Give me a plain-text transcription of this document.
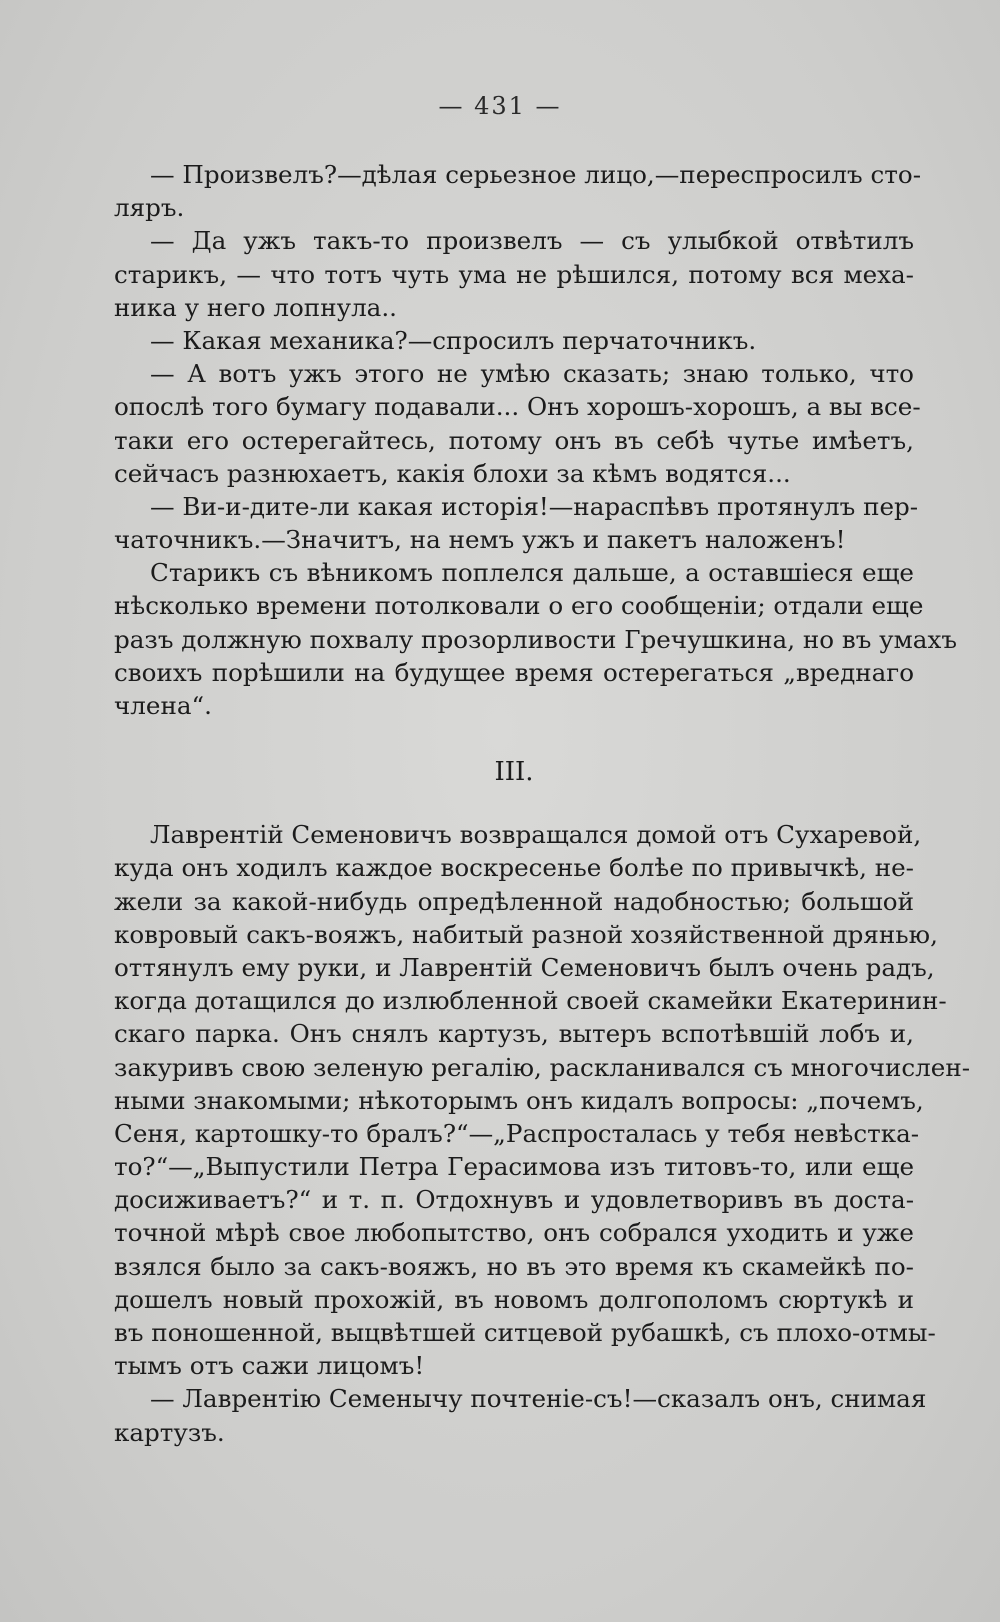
— 431 —
— Произвелъ?—дѣлая серьезное лицо,—переспросилъ сто-
ляръ.
— Да ужъ такъ-то произвелъ — съ улыбкой отвѣтилъ
старикъ, — что тотъ чуть ума не рѣшился, потому вся меха-
ника у него лопнула..
— Какая механика?—спросилъ перчаточникъ.
— А вотъ ужъ этого не умѣю сказать; знаю только, что
опослѣ того бумагу подавали... Онъ хорошъ-хорошъ, а вы все-
таки его остерегайтесь, потому онъ въ себѣ чутье имѣетъ,
сейчасъ разнюхаетъ, какія блохи за кѣмъ водятся...
— Ви-и-дите-ли какая исторія!—нараспѣвъ протянулъ пер-
чаточникъ.—Значитъ, на немъ ужъ и пакетъ наложенъ!
Старикъ съ вѣникомъ поплелся дальше, а оставшіеся еще
нѣсколько времени потолковали о его сообщеніи; отдали еще
разъ должную похвалу прозорливости Гречушкина, но въ умахъ
своихъ порѣшили на будущее время остерегаться „вреднаго
члена“.
III.
Лаврентій Семеновичъ возвращался домой отъ Сухаревой,
куда онъ ходилъ каждое воскресенье болѣе по привычкѣ, не-
жели за какой-нибудь опредѣленной надобностью; большой
ковровый сакъ-вояжъ, набитый разной хозяйственной дрянью,
оттянулъ ему руки, и Лаврентій Семеновичъ былъ очень радъ,
когда дотащился до излюбленной своей скамейки Екатеринин-
скаго парка. Онъ снялъ картузъ, вытеръ вспотѣвшій лобъ и,
закуривъ свою зеленую регалію, раскланивался съ многочислен-
ными знакомыми; нѣкоторымъ онъ кидалъ вопросы: „почемъ,
Сеня, картошку-то бралъ?“—„Распросталась у тебя невѣстка-
то?“—„Выпустили Петра Герасимова изъ титовъ-то, или еще
досиживаетъ?“ и т. п. Отдохнувъ и удовлетворивъ въ доста-
точной мѣрѣ свое любопытство, онъ собрался уходить и уже
взялся было за сакъ-вояжъ, но въ это время къ скамейкѣ по-
дошелъ новый прохожій, въ новомъ долгополомъ сюртукѣ и
въ поношенной, выцвѣтшей ситцевой рубашкѣ, съ плохо-отмы-
тымъ отъ сажи лицомъ!
— Лаврентію Семенычу почтеніе-съ!—сказалъ онъ, снимая
картузъ.
